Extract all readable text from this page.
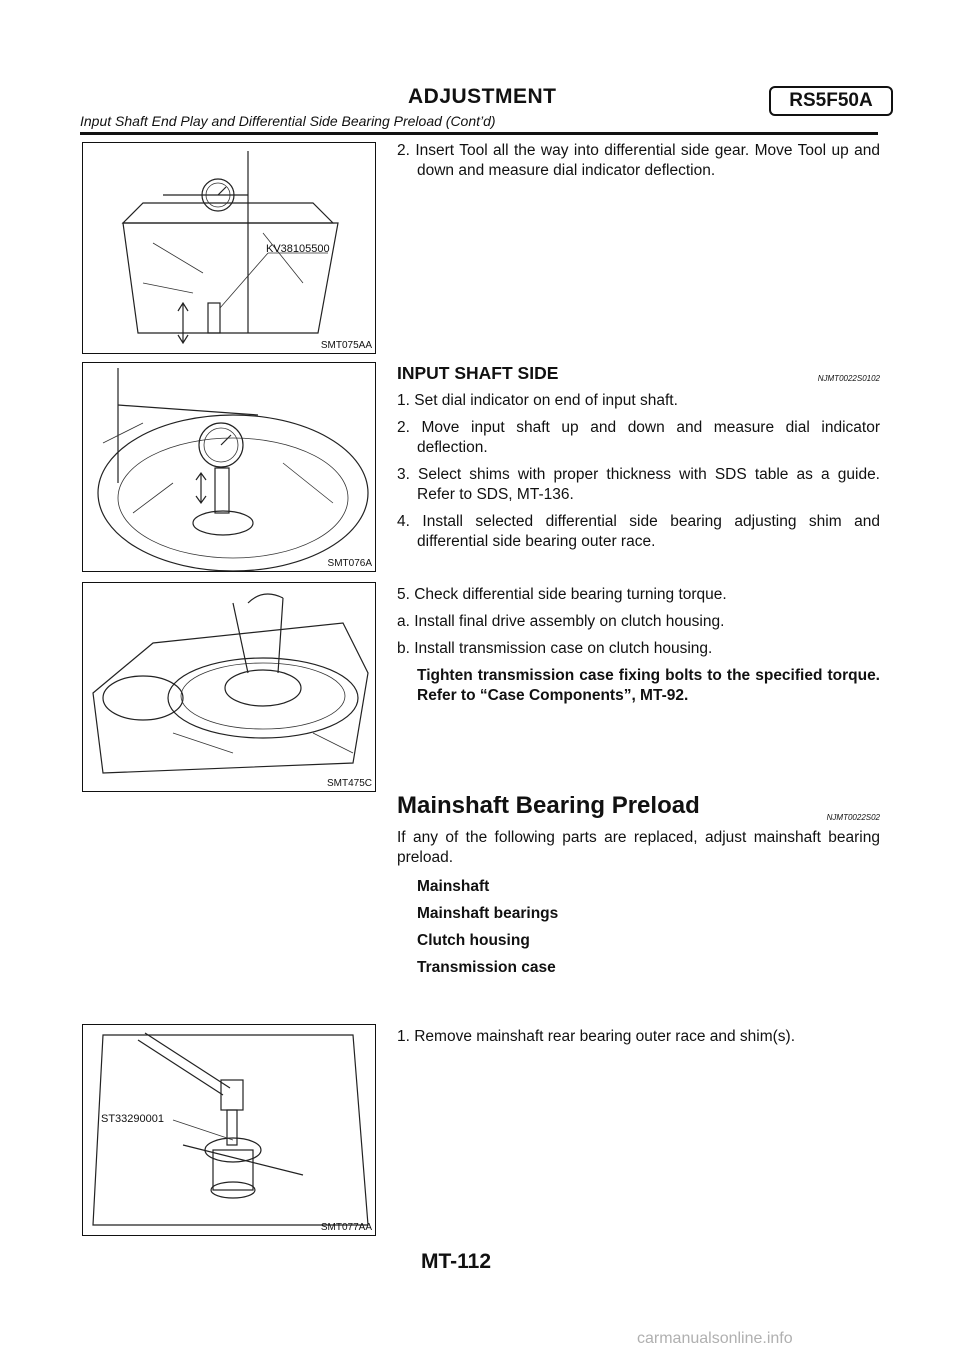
ADJUSTMENT	RS5F50A
Input Shaft End Play and Differential Side Bearing Preload (Cont’d)
KV38105500
SMT075AA
SMT076A
SMT475C
ST33290001
SMT077AA

2. Insert Tool all the way into differential side gear. Move Tool up and down and measure dial indicator deflection.

INPUT SHAFT SIDE	NJMT0022S0102

1. Set dial indicator on end of input shaft.

2. Move input shaft up and down and measure dial indicator deflection.

3. Select shims with proper thickness with SDS table as a guide. Refer to SDS, MT-136.

4. Install selected differential side bearing adjusting shim and differential side bearing outer race.

5. Check differential side bearing turning torque.

a. Install final drive assembly on clutch housing.

b. Install transmission case on clutch housing.

Tighten transmission case fixing bolts to the specified torque. Refer to “Case Components”, MT-92.

Mainshaft Bearing Preload	NJMT0022S02

If any of the following parts are replaced, adjust mainshaft bearing preload.

Mainshaft

Mainshaft bearings

Clutch housing

Transmission case

1. Remove mainshaft rear bearing outer race and shim(s).

MT-112
carmanualsonline.info
